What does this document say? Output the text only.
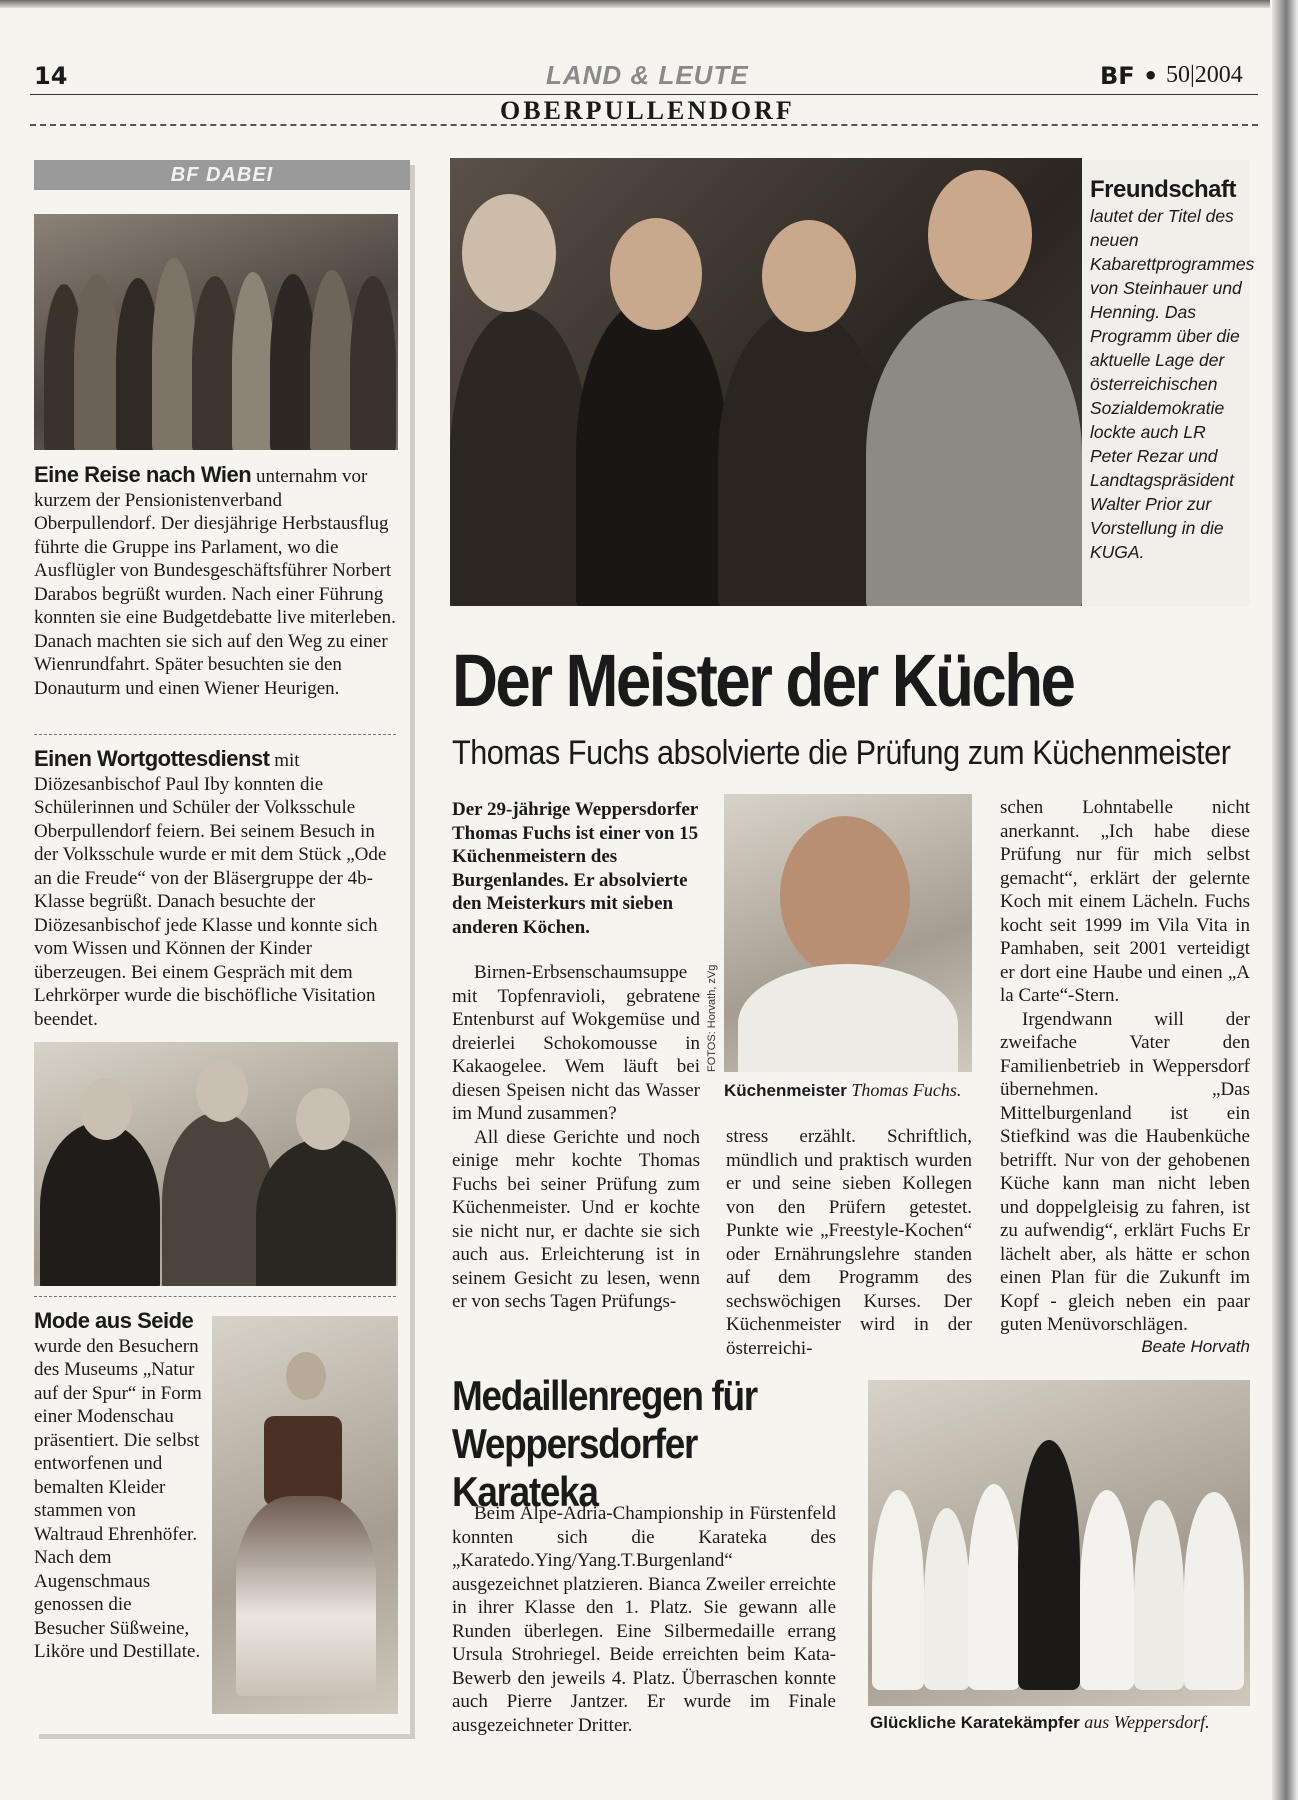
14	LAND & LEUTE	BF • 50|2004
OBERPULLENDORF
BF DABEI
Eine Reise nach Wien unternahm vor kurzem der Pensionistenverband Oberpullendorf. Der diesjährige Herbstausflug führte die Gruppe ins Parlament, wo die Ausflügler von Bundesgeschäftsführer Norbert Darabos begrüßt wurden. Nach einer Führung konnten sie eine Budgetdebatte live miterleben. Danach machten sie sich auf den Weg zu einer Wienrundfahrt. Später besuchten sie den Donauturm und einen Wiener Heurigen.
Einen Wortgottesdienst mit Diözesanbischof Paul Iby konnten die Schülerinnen und Schüler der Volksschule Oberpullendorf feiern. Bei seinem Besuch in der Volksschule wurde er mit dem Stück „Ode an die Freude“ von der Bläsergruppe der 4b-Klasse begrüßt. Danach besuchte der Diözesanbischof jede Klasse und konnte sich vom Wissen und Können der Kinder überzeugen. Bei einem Gespräch mit dem Lehrkörper wurde die bischöfliche Visitation beendet.
Mode aus Seide wurde den Besuchern des Museums „Natur auf der Spur“ in Form einer Modenschau präsentiert. Die selbst entworfenen und bemalten Kleider stammen von Waltraud Ehrenhöfer. Nach dem Augenschmaus genossen die Besucher Süßweine, Liköre und Destillate.
Freundschaft
lautet der Titel des neuen Kabarettprogrammes von Steinhauer und Henning. Das Programm über die aktuelle Lage der österreichischen Sozialdemokratie lockte auch LR Peter Rezar und Landtagspräsident Walter Prior zur Vorstellung in die KUGA.
Der Meister der Küche
Thomas Fuchs absolvierte die Prüfung zum Küchenmeister

Der 29-jährige Weppersdorfer Thomas Fuchs ist einer von 15 Küchenmeistern des Burgenlandes. Er absolvierte den Meisterkurs mit sieben anderen Köchen.

Birnen-Erbsenschaumsuppe mit Topfenravioli, gebratene Entenburst auf Wokgemüse und dreierlei Schokomousse in Kakaogelee. Wem läuft bei diesen Speisen nicht das Wasser im Mund zusammen?

All diese Gerichte und noch einige mehr kochte Thomas Fuchs bei seiner Prüfung zum Küchenmeister. Und er kochte sie nicht nur, er dachte sie sich auch aus. Erleichterung ist in seinem Gesicht zu lesen, wenn er von sechs Tagen Prüfungs-

FOTOS: Horvath, zVg
Küchenmeister Thomas Fuchs.
stress erzählt. Schriftlich, mündlich und praktisch wurden er und seine sieben Kollegen von den Prüfern getestet. Punkte wie „Freestyle-Kochen“ oder Ernährungslehre standen auf dem Programm des sechswöchigen Kurses. Der Küchenmeister wird in der österreichi-

schen Lohntabelle nicht anerkannt. „Ich habe diese Prüfung nur für mich selbst gemacht“, erklärt der gelernte Koch mit einem Lächeln. Fuchs kocht seit 1999 im Vila Vita in Pamhaben, seit 2001 verteidigt er dort eine Haube und einen „A la Carte“-Stern.

Irgendwann will der zweifache Vater den Familienbetrieb in Weppersdorf übernehmen. „Das Mittelburgenland ist ein Stiefkind was die Haubenküche betrifft. Nur von der gehobenen Küche kann man nicht leben und doppelgleisig zu fahren, ist zu aufwendig“, erklärt Fuchs Er lächelt aber, als hätte er schon einen Plan für die Zukunft im Kopf - gleich neben ein paar guten Menüvorschlägen.

Beate Horvath

Medaillenregen für Weppersdorfer Karateka

Beim Alpe-Adria-Championship in Fürstenfeld konnten sich die Karateka des „Karatedo.Ying/Yang.T.Burgenland“ ausgezeichnet platzieren. Bianca Zweiler erreichte in ihrer Klasse den 1. Platz. Sie gewann alle Runden überlegen. Eine Silbermedaille errang Ursula Strohriegel. Beide erreichten beim Kata-Bewerb den jeweils 4. Platz. Überraschen konnte auch Pierre Jantzer. Er wurde im Finale ausgezeichneter Dritter.	Glückliche Karatekämpfer aus Weppersdorf.
